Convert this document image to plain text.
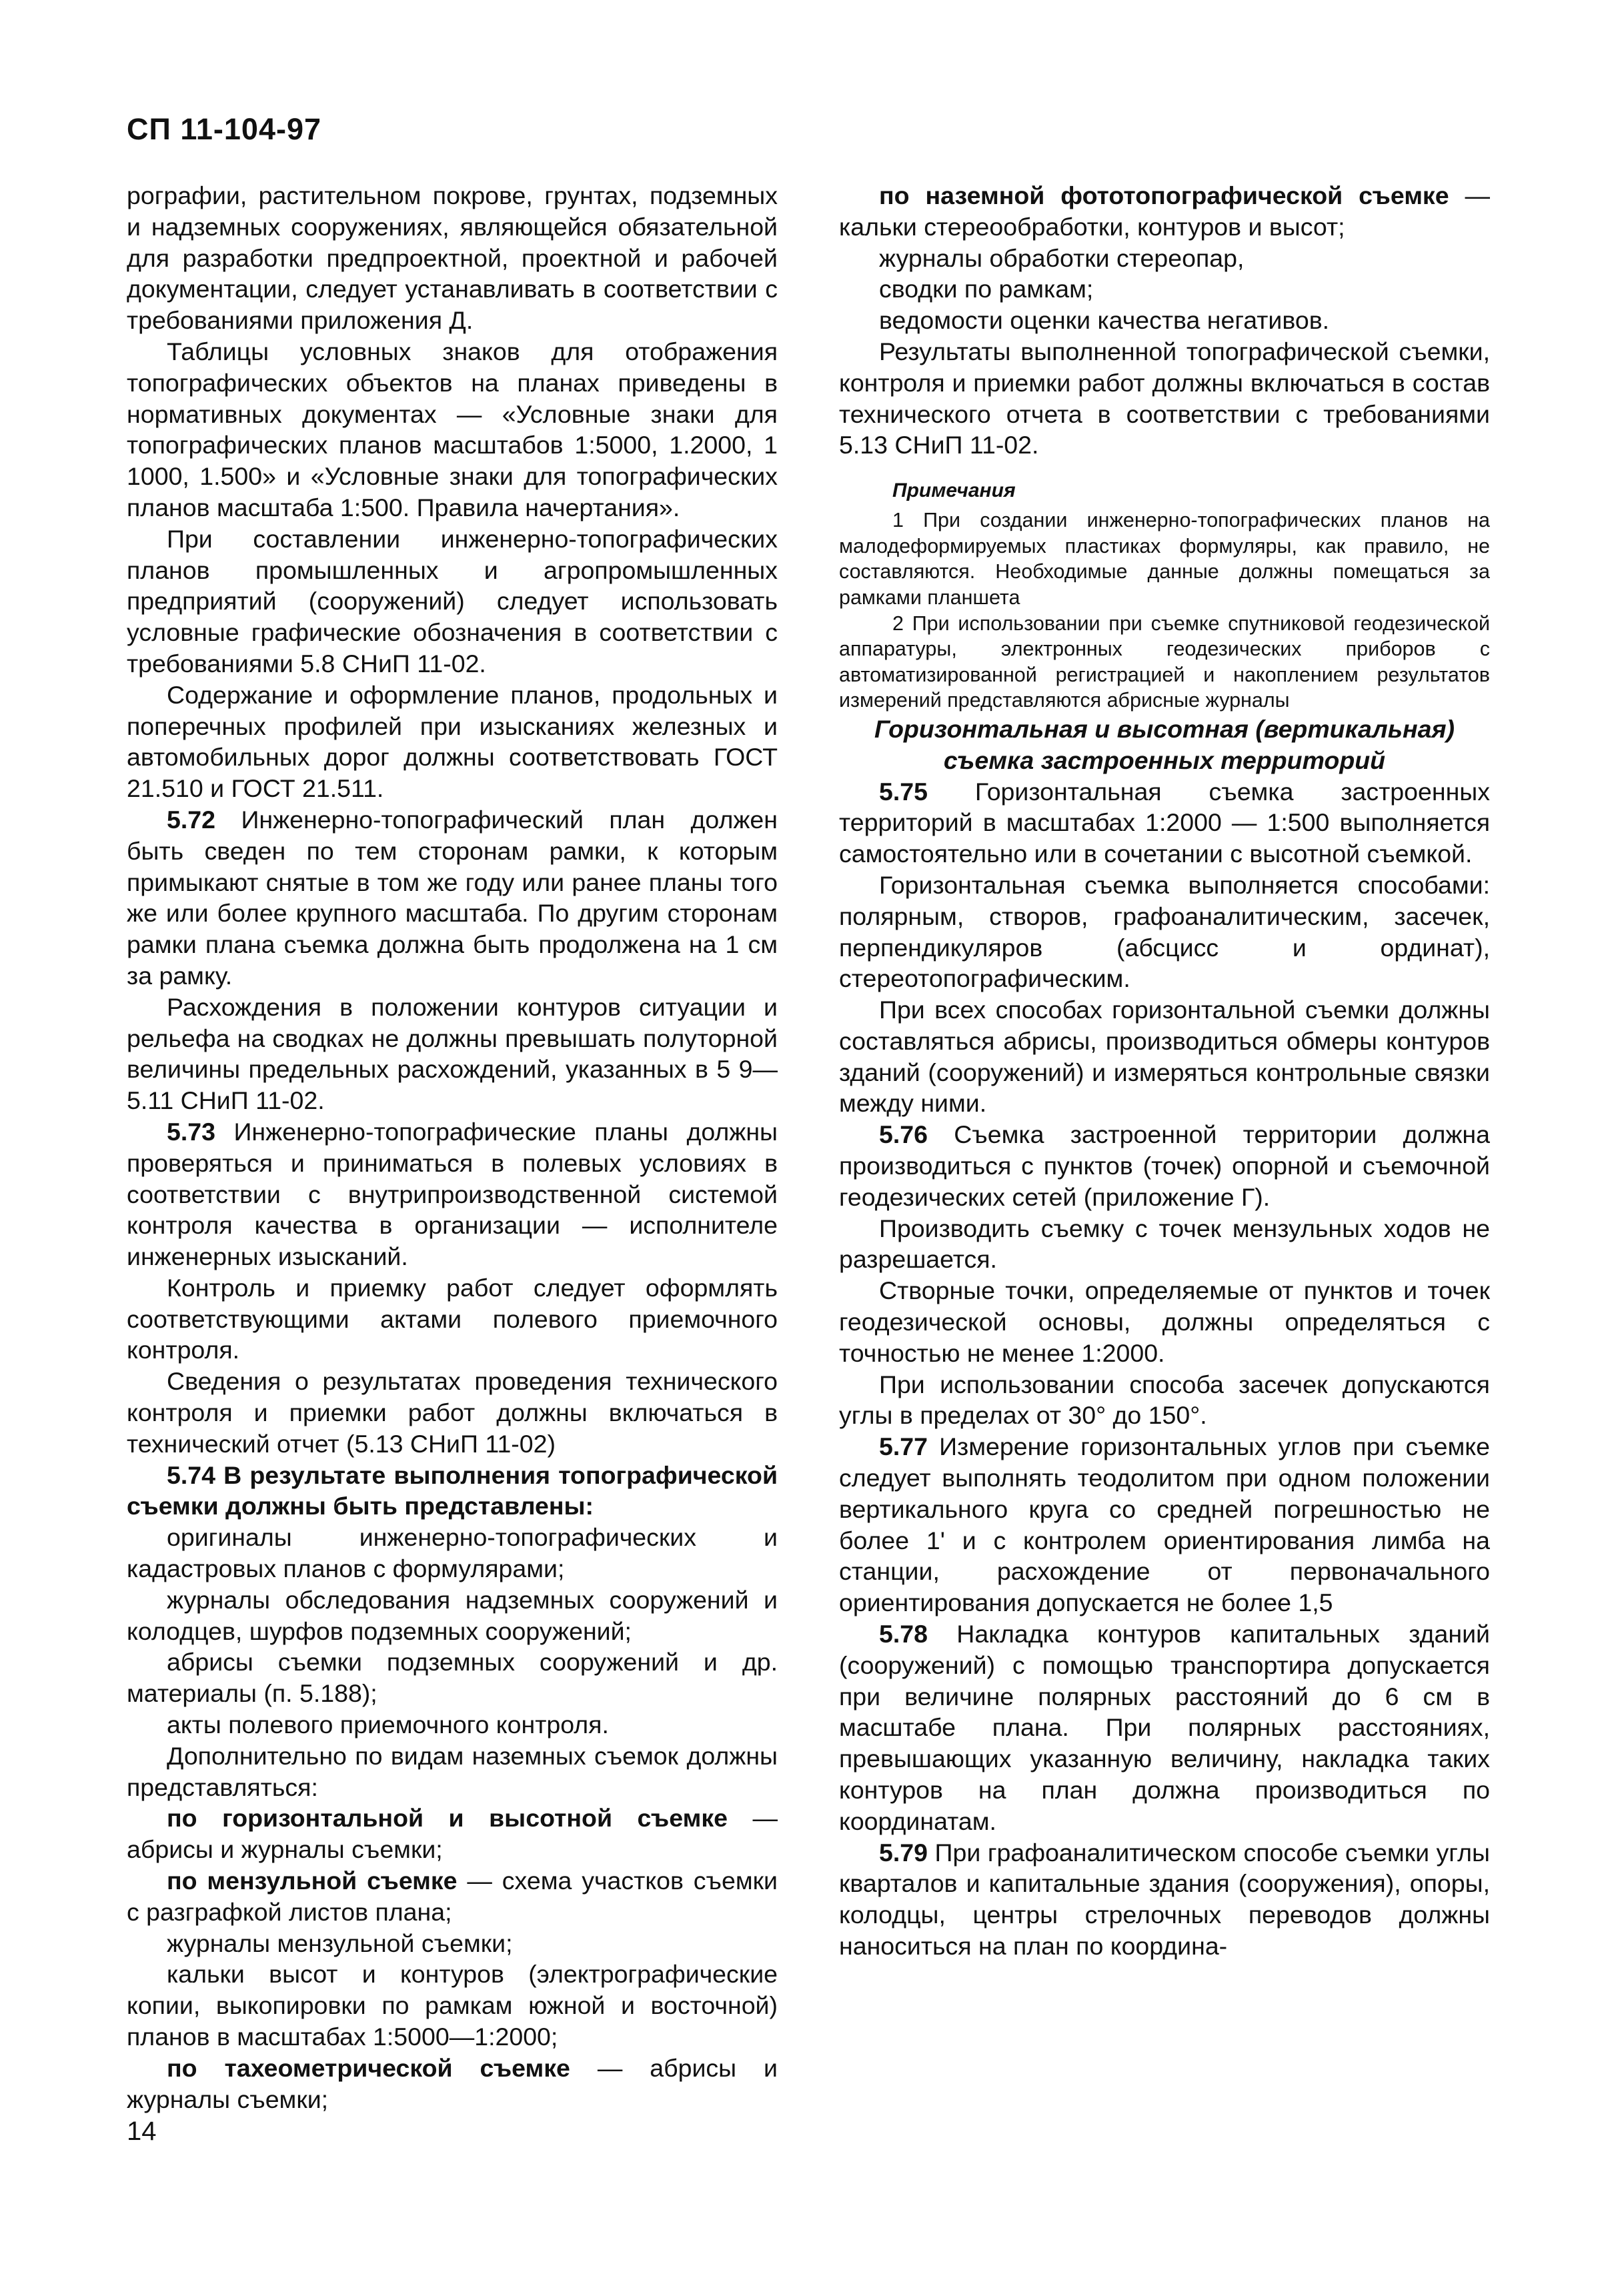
СП 11-104-97

рографии, растительном покрове, грунтах, подземных и надземных сооружениях, являющейся обязательной для разработки предпроектной, проектной и рабочей документации, следует устанавливать в соответствии с требованиями приложения Д.

Таблицы условных знаков для отображения топографических объектов на планах приведены в нормативных документах — «Условные знаки для топографических планов масштабов 1:5000, 1.2000, 1 1000, 1.500» и «Условные знаки для топографических планов масштаба 1:500. Правила начертания».

При составлении инженерно-топографических планов промышленных и агропромышленных предприятий (сооружений) следует использовать условные графические обозначения в соответствии с требованиями 5.8 СНиП 11-02.

Содержание и оформление планов, продольных и поперечных профилей при изысканиях железных и автомобильных дорог должны соответствовать ГОСТ 21.510 и ГОСТ 21.511.

5.72 Инженерно-топографический план должен быть сведен по тем сторонам рамки, к которым примыкают снятые в том же году или ранее планы того же или более крупного масштаба. По другим сторонам рамки плана съемка должна быть продолжена на 1 см за рамку.

Расхождения в положении контуров ситуации и рельефа на сводках не должны превышать полуторной величины предельных расхождений, указанных в 5 9—5.11 СНиП 11-02.

5.73 Инженерно-топографические планы должны проверяться и приниматься в полевых условиях в соответствии с внутрипроизводственной системой контроля качества в организации — исполнителе инженерных изысканий.

Контроль и приемку работ следует оформлять соответствующими актами полевого приемочного контроля.

Сведения о результатах проведения технического контроля и приемки работ должны включаться в технический отчет (5.13 СНиП 11-02)

5.74 В результате выполнения топографической съемки должны быть представлены:

оригиналы инженерно-топографических и кадастровых планов с формулярами;

журналы обследования надземных сооружений и колодцев, шурфов подземных сооружений;

абрисы съемки подземных сооружений и др. материалы (п. 5.188);

акты полевого приемочного контроля.

Дополнительно по видам наземных съемок должны представляться:

по горизонтальной и высотной съемке — абрисы и журналы съемки;

по мензульной съемке — схема участков съемки с разграфкой листов плана;

журналы мензульной съемки;

кальки высот и контуров (электрографические копии, выкопировки по рамкам южной и восточной) планов в масштабах 1:5000—1:2000;

по тахеометрической съемке — абрисы и журналы съемки;

по наземной фототопографической съемке — кальки стереообработки, контуров и высот;

журналы обработки стереопар,

сводки по рамкам;

ведомости оценки качества негативов.

Результаты выполненной топографической съемки, контроля и приемки работ должны включаться в состав технического отчета в соответствии с требованиями 5.13 СНиП 11-02.

Примечания

1 При создании инженерно-топографических планов на малодеформируемых пластиках формуляры, как правило, не составляются. Необходимые данные должны помещаться за рамками планшета

2 При использовании при съемке спутниковой геодезической аппаратуры, электронных геодезических приборов с автоматизированной регистрацией и накоплением результатов измерений представляются абрисные журналы

Горизонтальная и высотная (вертикальная) съемка застроенных территорий

5.75 Горизонтальная съемка застроенных территорий в масштабах 1:2000 — 1:500 выполняется самостоятельно или в сочетании с высотной съемкой.

Горизонтальная съемка выполняется способами: полярным, створов, графоаналитическим, засечек, перпендикуляров (абсцисс и ординат), стереотопографическим.

При всех способах горизонтальной съемки должны составляться абрисы, производиться обмеры контуров зданий (сооружений) и измеряться контрольные связки между ними.

5.76 Съемка застроенной территории должна производиться с пунктов (точек) опорной и съемочной геодезических сетей (приложение Г).

Производить съемку с точек мензульных ходов не разрешается.

Створные точки, определяемые от пунктов и точек геодезической основы, должны определяться с точностью не менее 1:2000.

При использовании способа засечек допускаются углы в пределах от 30° до 150°.

5.77 Измерение горизонтальных углов при съемке следует выполнять теодолитом при одном положении вертикального круга со средней погрешностью не более 1' и с контролем ориентирования лимба на станции, расхождение от первоначального ориентирования допускается не более 1,5

5.78 Накладка контуров капитальных зданий (сооружений) с помощью транспортира допускается при величине полярных расстояний до 6 см в масштабе плана. При полярных расстояниях, превышающих указанную величину, накладка таких контуров на план должна производиться по координатам.

5.79 При графоаналитическом способе съемки углы кварталов и капитальные здания (сооружения), опоры, колодцы, центры стрелочных переводов должны наноситься на план по координа-

14
